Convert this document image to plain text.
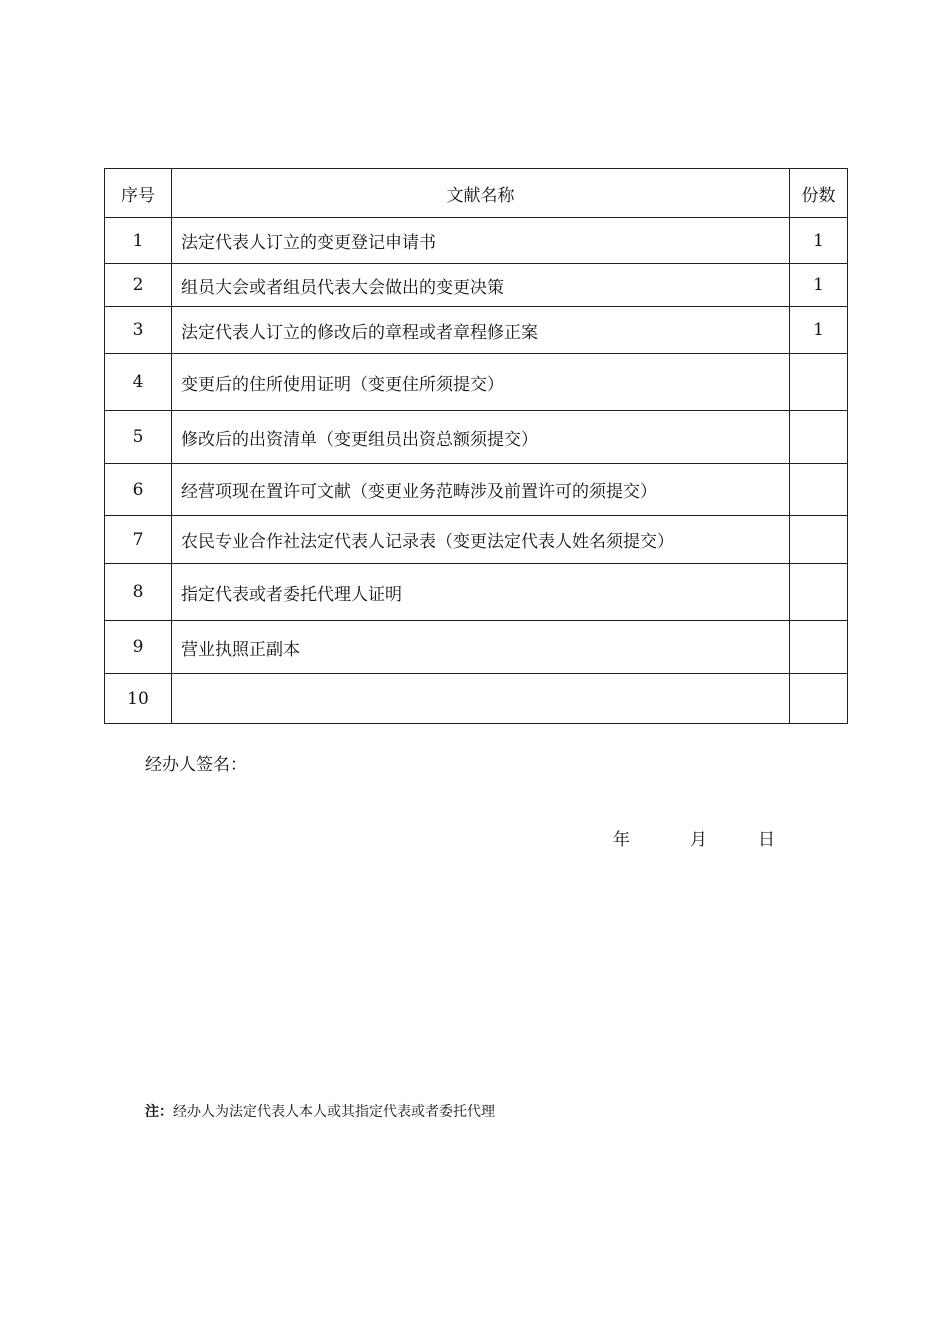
序号	文献名称	份数
1	法定代表人订立的变更登记申请书	1
2	组员大会或者组员代表大会做出的变更决策	1
3	法定代表人订立的修改后的章程或者章程修正案	1
4	变更后的住所使用证明（变更住所须提交）	
5	修改后的出资清单（变更组员出资总额须提交）	
6	经营项现在置许可文献（变更业务范畴涉及前置许可的须提交）	
7	农民专业合作社法定代表人记录表（变更法定代表人姓名须提交）	
8	指定代表或者委托代理人证明	
9	营业执照正副本	
10		
经办人签名：
年	月	日
注：经办人为法定代表人本人或其指定代表或者委托代理
